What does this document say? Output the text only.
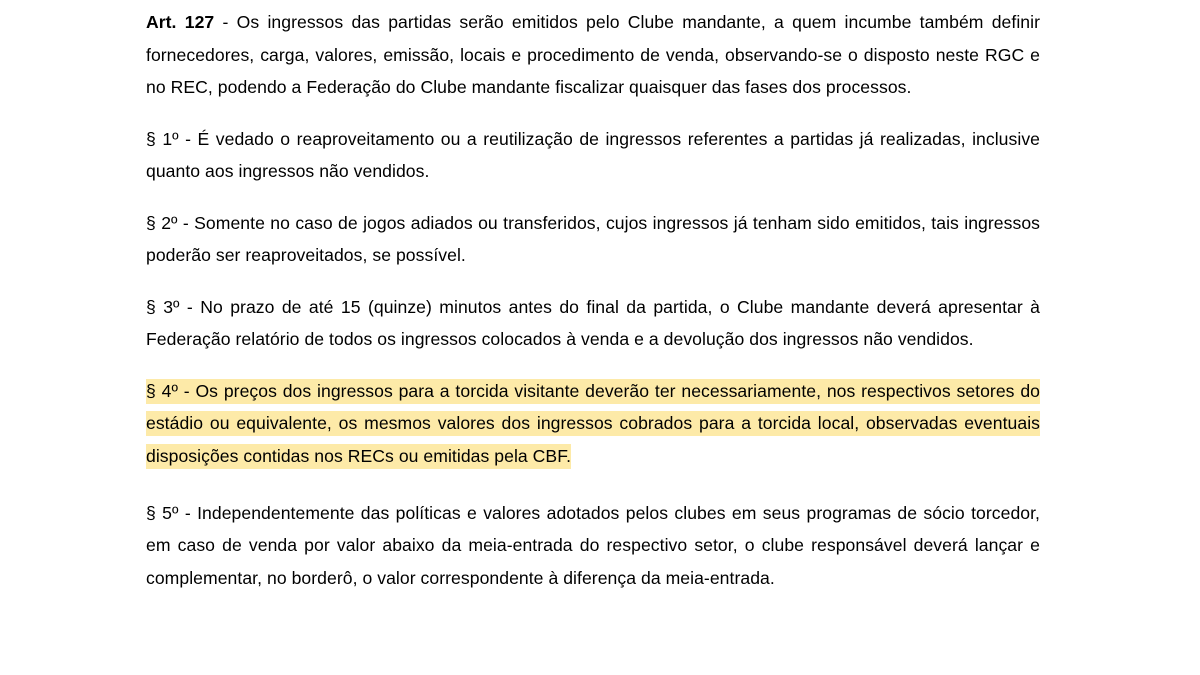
Art. 127 - Os ingressos das partidas serão emitidos pelo Clube mandante, a quem incumbe também definir fornecedores, carga, valores, emissão, locais e procedimento de venda, observando-se o disposto neste RGC e no REC, podendo a Federação do Clube mandante fiscalizar quaisquer das fases dos processos.

§ 1º - É vedado o reaproveitamento ou a reutilização de ingressos referentes a partidas já realizadas, inclusive quanto aos ingressos não vendidos.

§ 2º - Somente no caso de jogos adiados ou transferidos, cujos ingressos já tenham sido emitidos, tais ingressos poderão ser reaproveitados, se possível.

§ 3º - No prazo de até 15 (quinze) minutos antes do final da partida, o Clube mandante deverá apresentar à Federação relatório de todos os ingressos colocados à venda e a devolução dos ingressos não vendidos.

§ 4º - Os preços dos ingressos para a torcida visitante deverão ter necessariamente, nos respectivos setores do estádio ou equivalente, os mesmos valores dos ingressos cobrados para a torcida local, observadas eventuais disposições contidas nos RECs ou emitidas pela CBF.

§ 5º - Independentemente das políticas e valores adotados pelos clubes em seus programas de sócio torcedor, em caso de venda por valor abaixo da meia-entrada do respectivo setor, o clube responsável deverá lançar e complementar, no borderô, o valor correspondente à diferença da meia-entrada.
